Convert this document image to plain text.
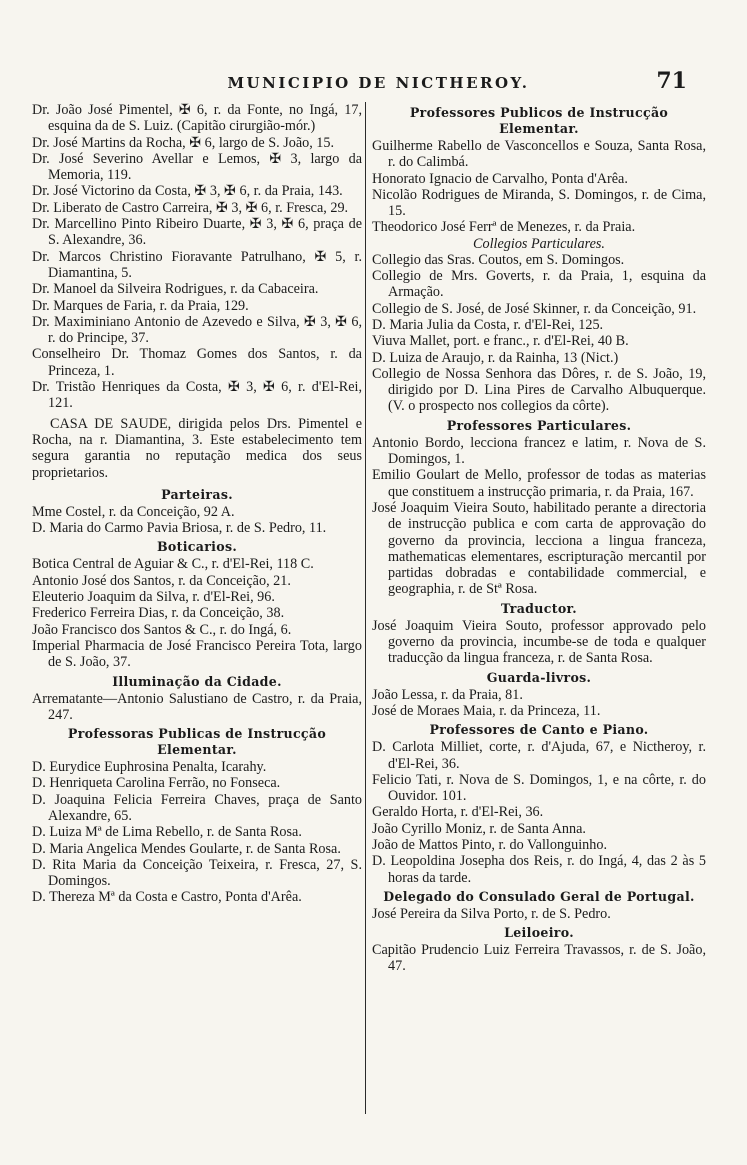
MUNICIPIO DE NICTHEROY.	71

Dr. João José Pimentel, ✠ 6, r. da Fonte, no Ingá, 17, esquina da de S. Luiz. (Capitão cirurgião-mór.)

Dr. José Martins da Rocha, ✠ 6, largo de S. João, 15.

Dr. José Severino Avellar e Lemos, ✠ 3, largo da Memoria, 119.

Dr. José Victorino da Costa, ✠ 3, ✠ 6, r. da Praia, 143.

Dr. Liberato de Castro Carreira, ✠ 3, ✠ 6, r. Fresca, 29.

Dr. Marcellino Pinto Ribeiro Duarte, ✠ 3, ✠ 6, praça de S. Alexandre, 36.

Dr. Marcos Christino Fioravante Patrulhano, ✠ 5, r. Diamantina, 5.

Dr. Manoel da Silveira Rodrigues, r. da Cabaceira.

Dr. Marques de Faria, r. da Praia, 129.

Dr. Maximiniano Antonio de Azevedo e Silva, ✠ 3, ✠ 6, r. do Principe, 37.

Conselheiro Dr. Thomaz Gomes dos Santos, r. da Princeza, 1.

Dr. Tristão Henriques da Costa, ✠ 3, ✠ 6, r. d'El-Rei, 121.

CASA DE SAUDE, dirigida pelos Drs. Pimentel e Rocha, na r. Diamantina, 3. Este estabelecimento tem segura garantia no reputação medica dos seus proprietarios.

Parteiras.

Mme Costel, r. da Conceição, 92 A.

D. Maria do Carmo Pavia Briosa, r. de S. Pedro, 11.

Boticarios.

Botica Central de Aguiar & C., r. d'El-Rei, 118 C.

Antonio José dos Santos, r. da Conceição, 21.

Eleuterio Joaquim da Silva, r. d'El-Rei, 96.

Frederico Ferreira Dias, r. da Conceição, 38.

João Francisco dos Santos & C., r. do Ingá, 6.

Imperial Pharmacia de José Francisco Pereira Tota, largo de S. João, 37.

Illuminação da Cidade.

Arrematante—Antonio Salustiano de Castro, r. da Praia, 247.

Professoras Publicas de Instrucção Elementar.

D. Eurydice Euphrosina Penalta, Icarahy.

D. Henriqueta Carolina Ferrão, no Fonseca.

D. Joaquina Felicia Ferreira Chaves, praça de Santo Alexandre, 65.

D. Luiza Mª de Lima Rebello, r. de Santa Rosa.

D. Maria Angelica Mendes Goularte, r. de Santa Rosa.

D. Rita Maria da Conceição Teixeira, r. Fresca, 27, S. Domingos.

D. Thereza Mª da Costa e Castro, Ponta d'Arêa.

Professores Publicos de Instrucção Elementar.

Guilherme Rabello de Vasconcellos e Souza, Santa Rosa, r. do Calimbá.

Honorato Ignacio de Carvalho, Ponta d'Arêa.

Nicolão Rodrigues de Miranda, S. Domingos, r. de Cima, 15.

Theodorico José Ferrª de Menezes, r. da Praia.

Collegios Particulares.

Collegio das Sras. Coutos, em S. Domingos.

Collegio de Mrs. Goverts, r. da Praia, 1, esquina da Armação.

Collegio de S. José, de José Skinner, r. da Conceição, 91.

D. Maria Julia da Costa, r. d'El-Rei, 125.

Viuva Mallet, port. e franc., r. d'El-Rei, 40 B.

D. Luiza de Araujo, r. da Rainha, 13 (Nict.)

Collegio de Nossa Senhora das Dôres, r. de S. João, 19, dirigido por D. Lina Pires de Carvalho Albuquerque. (V. o prospecto nos collegios da côrte).

Professores Particulares.

Antonio Bordo, lecciona francez e latim, r. Nova de S. Domingos, 1.

Emilio Goulart de Mello, professor de todas as materias que constituem a instrucção primaria, r. da Praia, 167.

José Joaquim Vieira Souto, habilitado perante a directoria de instrucção publica e com carta de approvação do governo da provincia, lecciona a lingua franceza, mathematicas elementares, escripturação mercantil por partidas dobradas e contabilidade commercial, e geographia, r. de Stª Rosa.

Traductor.

José Joaquim Vieira Souto, professor approvado pelo governo da provincia, incumbe-se de toda e qualquer traducção da lingua franceza, r. de Santa Rosa.

Guarda-livros.

João Lessa, r. da Praia, 81.

José de Moraes Maia, r. da Princeza, 11.

Professores de Canto e Piano.

D. Carlota Milliet, corte, r. d'Ajuda, 67, e Nictheroy, r. d'El-Rei, 36.

Felicio Tati, r. Nova de S. Domingos, 1, e na côrte, r. do Ouvidor. 101.

Geraldo Horta, r. d'El-Rei, 36.

João Cyrillo Moniz, r. de Santa Anna.

João de Mattos Pinto, r. do Vallonguinho.

D. Leopoldina Josepha dos Reis, r. do Ingá, 4, das 2 às 5 horas da tarde.

Delegado do Consulado Geral de Portugal.

José Pereira da Silva Porto, r. de S. Pedro.

Leiloeiro.

Capitão Prudencio Luiz Ferreira Travassos, r. de S. João, 47.
